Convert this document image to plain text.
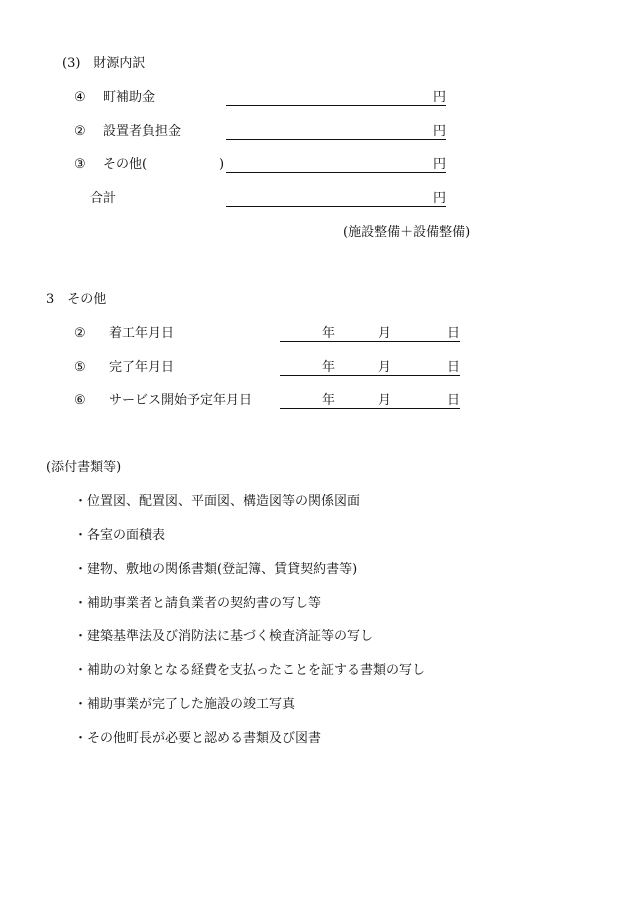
(3)　財源内訳
④ 町補助金	円
② 設置者負担金	円
③ その他(	)	円
合計	円
(施設整備＋設備整備)
3　その他
② 着工年月日	年	月	日
⑤ 完了年月日	年	月	日
⑥ サービス開始予定年月日	年	月	日
(添付書類等)
・位置図、配置図、平面図、構造図等の関係図面
・各室の面積表
・建物、敷地の関係書類(登記簿、賃貸契約書等)
・補助事業者と請負業者の契約書の写し等
・建築基準法及び消防法に基づく検査済証等の写し
・補助の対象となる経費を支払ったことを証する書類の写し
・補助事業が完了した施設の竣工写真
・その他町長が必要と認める書類及び図書
